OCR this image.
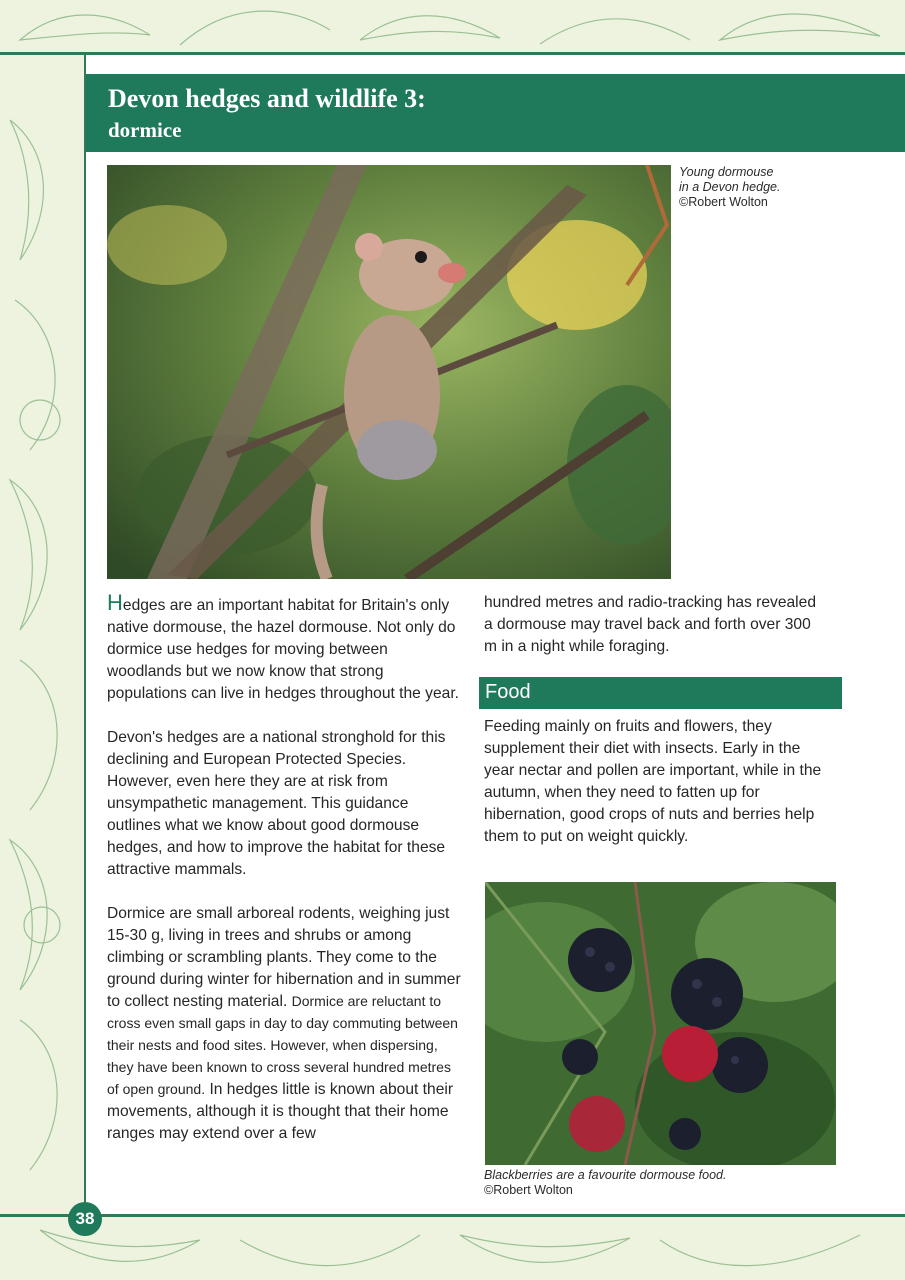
Devon hedges and wildlife 3:
dormice
Young dormouse
in a Devon hedge.
©Robert Wolton

Hedges are an important habitat for Britain's only native dormouse, the hazel dormouse. Not only do dormice use hedges for moving between woodlands but we now know that strong populations can live in hedges throughout the year.

Devon's hedges are a national stronghold for this declining and European Protected Species. However, even here they are at risk from unsympathetic management. This guidance outlines what we know about good dormouse hedges, and how to improve the habitat for these attractive mammals.

Dormice are small arboreal rodents, weighing just 15-30 g, living in trees and shrubs or among climbing or scrambling plants. They come to the ground during winter for hibernation and in summer to collect nesting material. Dormice are reluctant to cross even small gaps in day to day commuting between their nests and food sites. However, when dispersing, they have been known to cross several hundred metres of open ground. In hedges little is known about their movements, although it is thought that their home ranges may extend over a few

hundred metres and radio-tracking has revealed a dormouse may travel back and forth over 300 m in a night while foraging.

Food
Feeding mainly on fruits and flowers, they supplement their diet with insects. Early in the year nectar and pollen are important, while in the autumn, when they need to fatten up for hibernation, good crops of nuts and berries help them to put on weight quickly.
Blackberries are a favourite dormouse food.
©Robert Wolton
38
